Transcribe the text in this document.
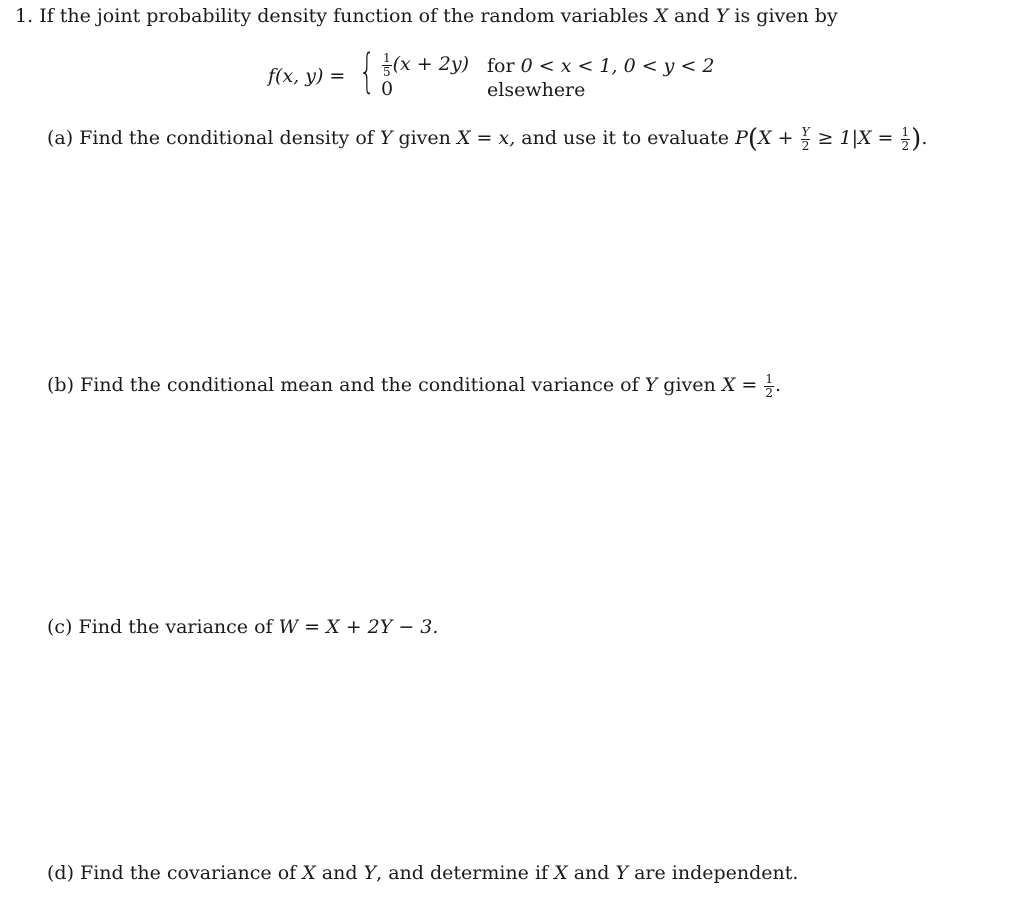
1. If the joint probability density function of the random variables X and Y is given by
f(x, y) = { $\frac{1}{5} (x + 2y)$
0
for 0 < x < 1, 0 < y < 2
elsewhere
(a) Find the conditional density of Y given X = x, and use it to evaluate $P(X + \frac{Y}{2} \ge 1|X = \frac{1}{2}$ ).
(b) Find the conditional mean and the conditional variance of Y given $X = \frac{1}{2}$ .
(c) Find the variance of W = X + 2Y − 3.
(d) Find the covariance of X and Y, and determine if X and Y are independent.
